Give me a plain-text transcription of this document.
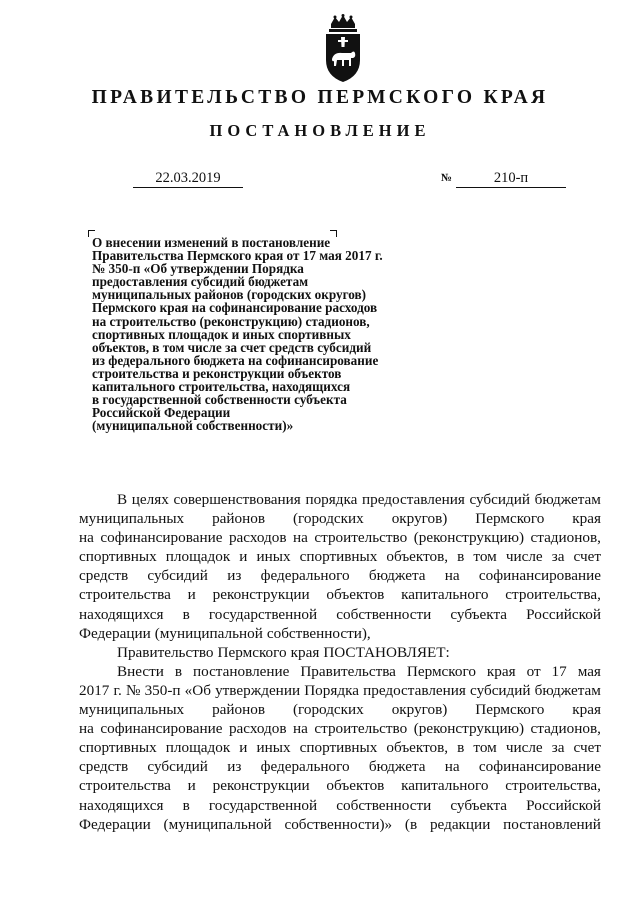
ПРАВИТЕЛЬСТВО ПЕРМСКОГО КРАЯ
ПОСТАНОВЛЕНИЕ
22.03.2019	№	210-п
О внесении изменений в постановление
Правительства Пермского края от 17 мая 2017 г.
№ 350-п «Об утверждении Порядка
предоставления субсидий бюджетам
муниципальных районов (городских округов)
Пермского края на софинансирование расходов
на строительство (реконструкцию) стадионов,
спортивных площадок и иных спортивных
объектов, в том числе за счет средств субсидий
из федерального бюджета на софинансирование
строительства и реконструкции объектов
капитального строительства, находящихся
в государственной собственности субъекта
Российской Федерации
(муниципальной собственности)»
В целях совершенствования порядка предоставления субсидий бюджетам
муниципальных районов (городских округов) Пермского края
на софинансирование расходов на строительство (реконструкцию) стадионов,
спортивных площадок и иных спортивных объектов, в том числе за счет
средств субсидий из федерального бюджета на софинансирование
строительства и реконструкции объектов капитального строительства,
находящихся в государственной собственности субъекта Российской
Федерации (муниципальной собственности),
Правительство Пермского края ПОСТАНОВЛЯЕТ:
Внести в постановление Правительства Пермского края от 17 мая
2017 г. № 350-п «Об утверждении Порядка предоставления субсидий бюджетам
муниципальных районов (городских округов) Пермского края
на софинансирование расходов на строительство (реконструкцию) стадионов,
спортивных площадок и иных спортивных объектов, в том числе за счет
средств субсидий из федерального бюджета на софинансирование
строительства и реконструкции объектов капитального строительства,
находящихся в государственной собственности субъекта Российской
Федерации (муниципальной собственности)» (в редакции постановлений
